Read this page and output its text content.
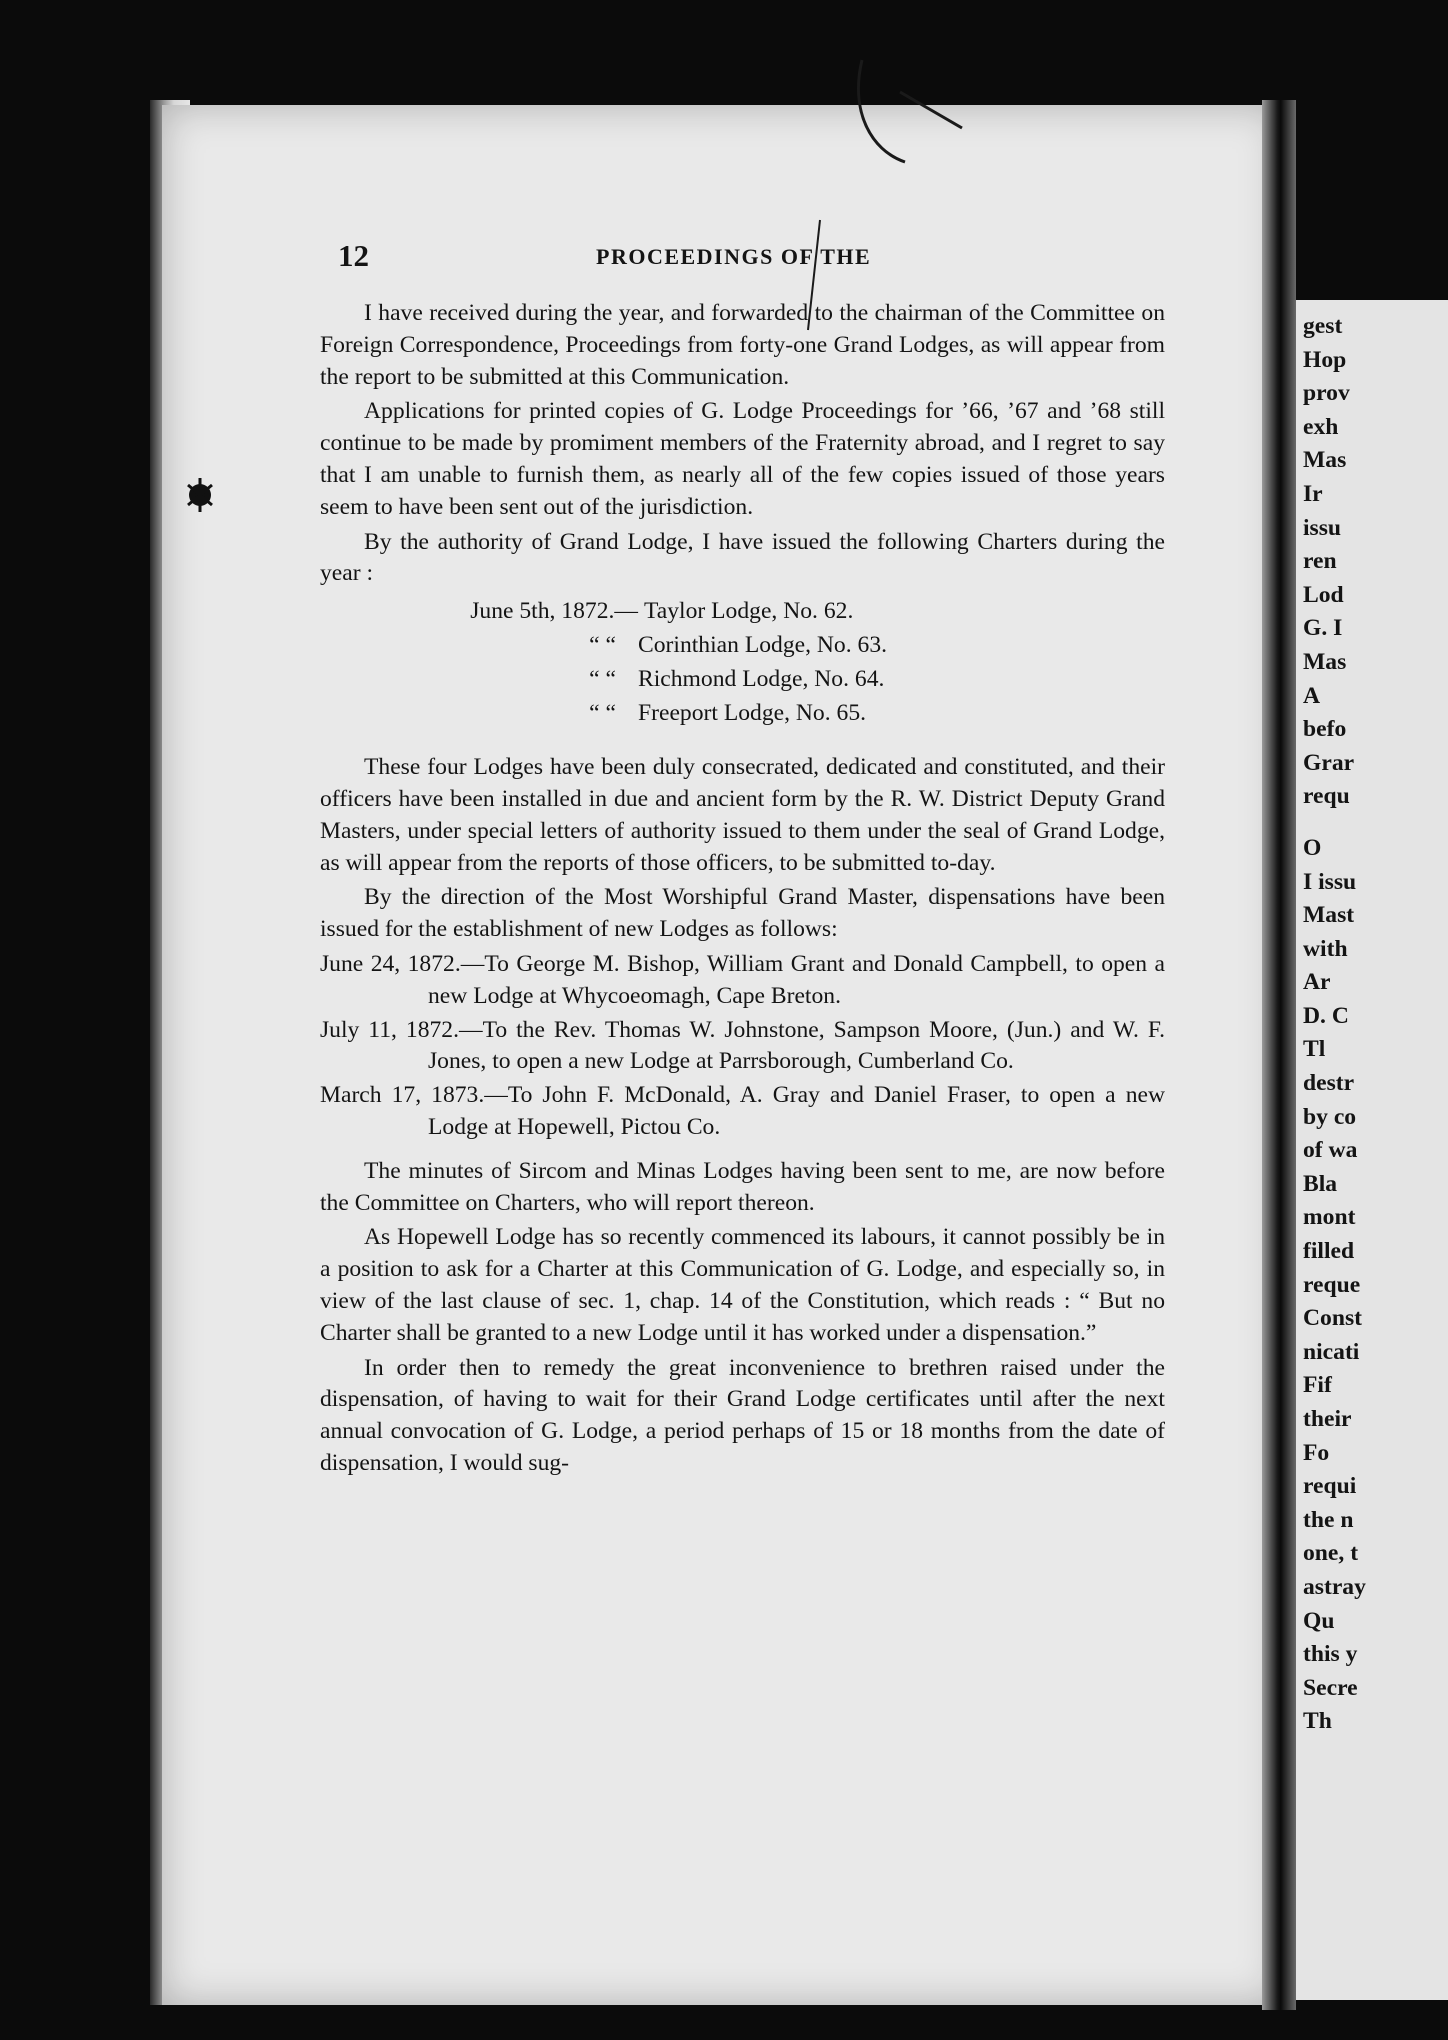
12	PROCEEDINGS OF THE

I have received during the year, and forwarded to the chairman of the Committee on Foreign Correspondence, Proceedings from forty-one Grand Lodges, as will appear from the report to be submitted at this Communication.

Applications for printed copies of G. Lodge Proceedings for ’66, ’67 and ’68 still continue to be made by promiment members of the Fraternity abroad, and I regret to say that I am unable to furnish them, as nearly all of the few copies issued of those years seem to have been sent out of the jurisdiction.

By the authority of Grand Lodge, I have issued the following Charters during the year :

June 5th, 1872.— Taylor Lodge, No. 62.
“ “ Corinthian Lodge, No. 63.
“ “ Richmond Lodge, No. 64.
“ “ Freeport Lodge, No. 65.

These four Lodges have been duly consecrated, dedicated and constituted, and their officers have been installed in due and ancient form by the R. W. District Deputy Grand Masters, under special letters of authority issued to them under the seal of Grand Lodge, as will appear from the reports of those officers, to be submitted to-day.

By the direction of the Most Worshipful Grand Master, dispensations have been issued for the establishment of new Lodges as follows:

June 24, 1872.—To George M. Bishop, William Grant and Donald Campbell, to open a new Lodge at Whycoeomagh, Cape Breton.
July 11, 1872.—To the Rev. Thomas W. Johnstone, Sampson Moore, (Jun.) and W. F. Jones, to open a new Lodge at Parrsborough, Cumberland Co.
March 17, 1873.—To John F. McDonald, A. Gray and Daniel Fraser, to open a new Lodge at Hopewell, Pictou Co.

The minutes of Sircom and Minas Lodges having been sent to me, are now before the Committee on Charters, who will report thereon.

As Hopewell Lodge has so recently commenced its labours, it cannot possibly be in a position to ask for a Charter at this Communication of G. Lodge, and especially so, in view of the last clause of sec. 1, chap. 14 of the Constitution, which reads : “ But no Charter shall be granted to a new Lodge until it has worked under a dispensation.”

In order then to remedy the great inconvenience to brethren raised under the dispensation, of having to wait for their Grand Lodge certificates until after the next annual convocation of G. Lodge, a period perhaps of 15 or 18 months from the date of dispensation, I would sug-

gest
Hop
prov
exh
Mas
Ir
issu
ren
Lod
G. I
Mas
A
befo
Grar
requ
O
I issu
Mast
with
Ar
D. C
Tl
destr
by co
of wa
Bla
mont
filled
reque
Const
nicati
Fif
their
Fo
requi
the n
one, t
astray
Qu
this y
Secre
Th
